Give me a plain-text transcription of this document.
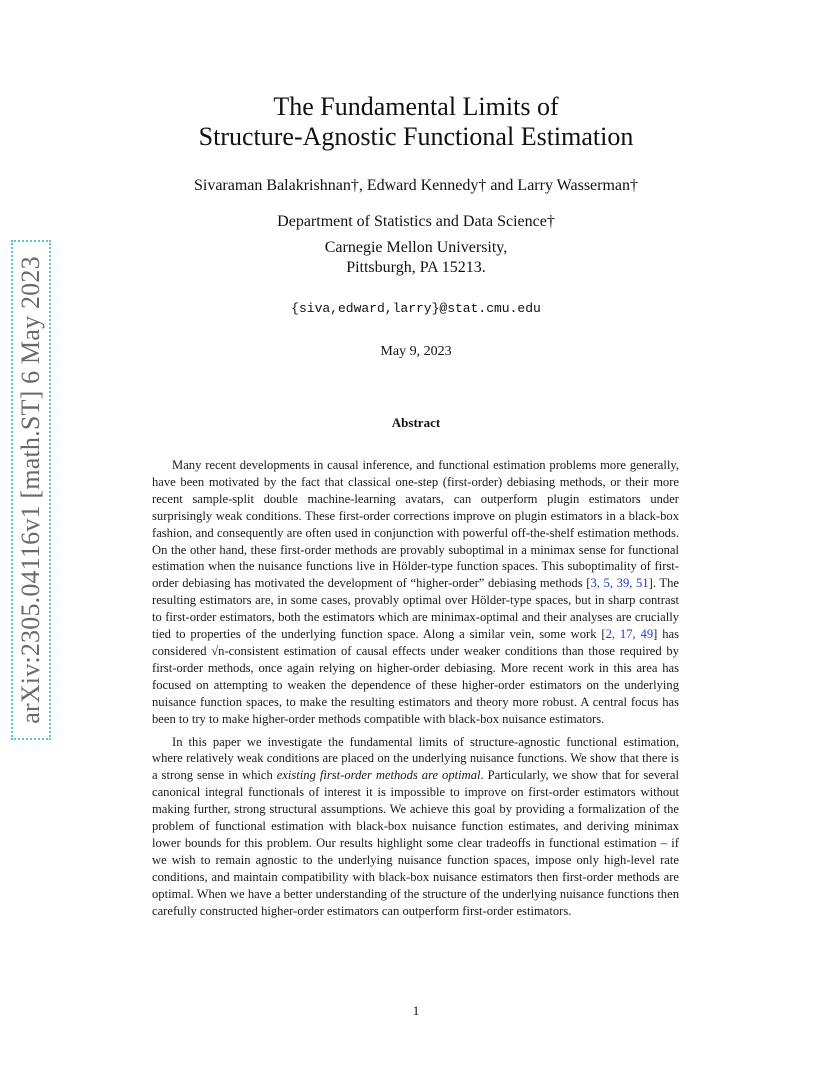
arXiv:2305.04116v1 [math.ST] 6 May 2023
The Fundamental Limits of
Structure-Agnostic Functional Estimation
Sivaraman Balakrishnan†, Edward Kennedy† and Larry Wasserman†
Department of Statistics and Data Science†
Carnegie Mellon University,
Pittsburgh, PA 15213.
{siva,edward,larry}@stat.cmu.edu
May 9, 2023
Abstract

Many recent developments in causal inference, and functional estimation problems more generally, have been motivated by the fact that classical one-step (first-order) debiasing methods, or their more recent sample-split double machine-learning avatars, can outperform plugin estimators under surprisingly weak conditions. These first-order corrections improve on plugin estimators in a black-box fashion, and consequently are often used in conjunction with powerful off-the-shelf estimation methods. On the other hand, these first-order methods are provably suboptimal in a minimax sense for functional estimation when the nuisance functions live in Hölder-type function spaces. This suboptimality of first-order debiasing has motivated the development of “higher-order” debiasing methods [3, 5, 39, 51]. The resulting estimators are, in some cases, provably optimal over Hölder-type spaces, but in sharp contrast to first-order estimators, both the estimators which are minimax-optimal and their analyses are crucially tied to properties of the underlying function space. Along a similar vein, some work [2, 17, 49] has considered √n-consistent estimation of causal effects under weaker conditions than those required by first-order methods, once again relying on higher-order debiasing. More recent work in this area has focused on attempting to weaken the dependence of these higher-order estimators on the underlying nuisance function spaces, to make the resulting estimators and theory more robust. A central focus has been to try to make higher-order methods compatible with black-box nuisance estimators.

In this paper we investigate the fundamental limits of structure-agnostic functional estimation, where relatively weak conditions are placed on the underlying nuisance functions. We show that there is a strong sense in which existing first-order methods are optimal. Particularly, we show that for several canonical integral functionals of interest it is impossible to improve on first-order estimators without making further, strong structural assumptions. We achieve this goal by providing a formalization of the problem of functional estimation with black-box nuisance function estimates, and deriving minimax lower bounds for this problem. Our results highlight some clear tradeoffs in functional estimation – if we wish to remain agnostic to the underlying nuisance function spaces, impose only high-level rate conditions, and maintain compatibility with black-box nuisance estimators then first-order methods are optimal. When we have a better understanding of the structure of the underlying nuisance functions then carefully constructed higher-order estimators can outperform first-order estimators.

1
